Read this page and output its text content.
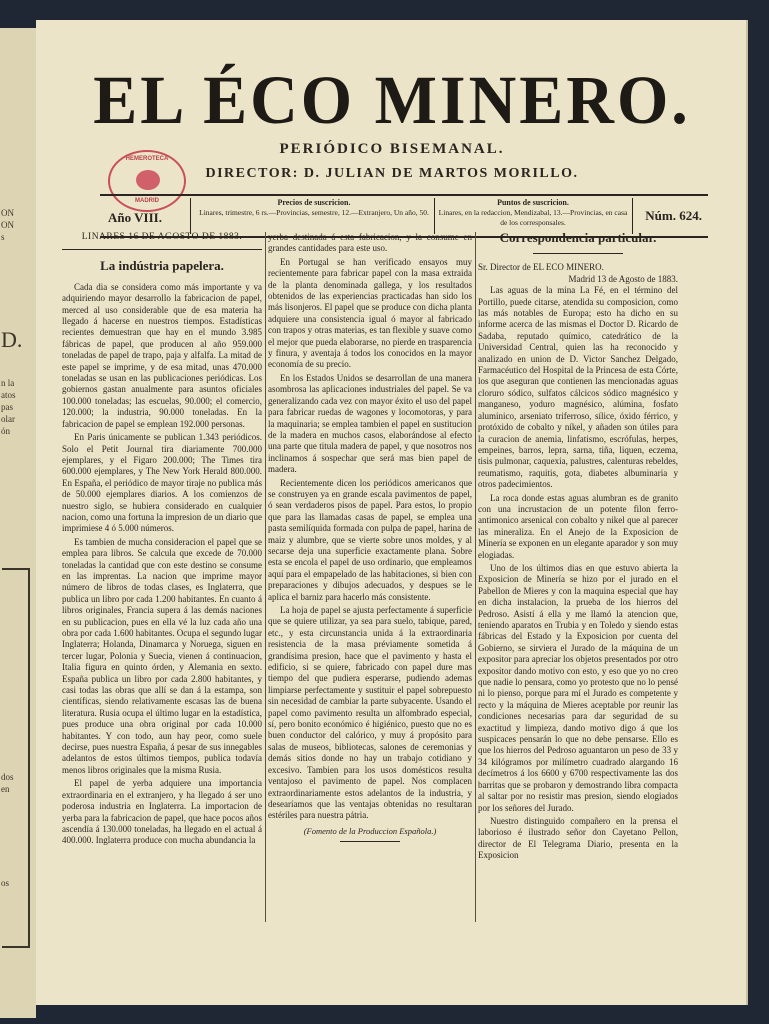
ON
ON
s
D.
n la
atos
pas
olar
ón
dos
en
os
EL ÉCO MINERO.
PERIÓDICO BISEMANAL.
DIRECTOR: D. JULIAN DE MARTOS MORILLO.
HEMEROTECA
MADRID
Año VIII.
Precios de suscricion.
Linares, trimestre, 6 rs.—Provincias, semestre, 12.—Extranjero, Un año, 50.
Puntos de suscricion.
Linares, en la redaccion, Mendizabal, 13.—Provincias, en casa de los corresponsales.	Núm. 624.
LINARES 16 DE AGOSTO DE 1883.
La indústria papelera.
Cada dia se considera como más importante y va adquiriendo mayor desarrollo la fabricacion de papel, merced al uso considerable que de esa materia ha llegado á hacerse en nuestros tiempos. Estadísticas recientes demuestran que hay en el mundo 3.985 fábricas de papel, que producen al año 959.000 toneladas de papel de trapo, paja y alfalfa. La mitad de este papel se imprime, y de esa mitad, unas 470.000 toneladas se usan en las publicaciones periódicas. Los gobiernos gastan anualmente para asuntos oficiales 100.000 toneladas; las escuelas, 90.000; el comercio, 120.000; la industria, 90.000 toneladas. En la fabricacion de papel se emplean 192.000 personas.
En Paris únicamente se publican 1.343 periódicos. Solo el Petit Journal tira diariamente 700.000 ejemplares, y el Figaro 200.000; The Times tira 600.000 ejemplares, y The New York Herald 800.000. En España, el periódico de mayor tiraje no publica más de 50.000 ejemplares diarios. A los comienzos de nuestro siglo, se hubiera considerado en cualquier nacion, como una fortuna la impresion de un diario que imprimiese 4 ó 5.000 números.
Es tambien de mucha consideracion el papel que se emplea para libros. Se calcula que excede de 70.000 toneladas la cantidad que con este destino se consume en las imprentas. La nacion que imprime mayor número de libros de todas clases, es Inglaterra, que publica un libro por cada 1.200 habitantes. En cuanto á libros originales, Francia supera á las demás naciones en su publicacion, pues en ella vé la luz cada año una obra por cada 1.600 habitantes. Ocupa el segundo lugar Inglaterra; Holanda, Dinamarca y Noruega, siguen en tercer lugar, Polonia y Suecia, vienen á continuacion, Italia figura en quinto órden, y Alemania en sexto. España publica un libro por cada 2.800 habitantes, y casi todas las obras que allí se dan á la estampa, son científicas, siendo relativamente escasas las de buena literatura. Rusia ocupa el último lugar en la estadística, pues produce una obra original por cada 10.000 habitantes. Y con todo, aun hay peor, como suele decirse, pues nuestra España, á pesar de sus innegables adelantos de estos últimos tiempos, publica todavía menos libros originales que la misma Rusia.
El papel de yerba adquiere una importancia extraordinaria en el extranjero, y ha llegado á ser uno poderosa industria en Inglaterra. La importacion de yerba para la fabricacion de papel, que hace pocos años ascendía á 130.000 toneladas, ha llegado en el actual á 400.000. Inglaterra produce con mucha abundancia la
yerba destinada á esta fabricacion, y la consume en grandes cantidades para este uso.
En Portugal se han verificado ensayos muy recientemente para fabricar papel con la masa extraida de la planta denominada gallega, y los resultados obtenidos de las experiencias practicadas han sido los más lisonjeros. El papel que se produce con dicha planta adquiere una consistencia igual ó mayor al fabricado con trapos y otras materias, es tan flexible y suave como el mejor que pueda elaborarse, no pierde en trasparencia y finura, y aventaja á todos los conocidos en la mayor economía de su precio.
En los Estados Unidos se desarrollan de una manera asombrosa las aplicaciones industriales del papel. Se va generalizando cada vez con mayor éxito el uso del papel para fabricar ruedas de wagones y locomotoras, y para la maquinaria; se emplea tambien el papel en sustitucion de la madera en muchos casos, elaborándose al efecto una parte que titula madera de papel, y que nosotros nos inclinamos á sospechar que será mas bien papel de madera.
Recientemente dicen los periódicos americanos que se construyen ya en grande escala pavimentos de papel, ó sean verdaderos pisos de papel. Para estos, lo propio que para las llamadas casas de papel, se emplea una pasta semilíquida formada con pulpa de papel, harina de maiz y alumbre, que se vierte sobre unos moldes, y al secarse deja una superficie exactamente plana. Sobre esta se encola el papel de uso ordinario, que empleamos aquí para el empapelado de las habitaciones, si bien con preparaciones y dibujos adecuados, y despues se le aplica el barniz para hacerlo más consistente.
La hoja de papel se ajusta perfectamente á superficie que se quiere utilizar, ya sea para suelo, tabique, pared, etc., y esta circunstancia unida á la extraordinaria resistencia de la masa préviamente sometida á grandísima presion, hace que el pavimento y hasta el edificio, si se quiere, fabricado con papel dure mas tiempo del que pudiera esperarse, pudiendo ademas limpiarse perfectamente y sustituir el papel sobrepuesto sin necesidad de cambiar la parte subyacente. Usando el papel como pavimento resulta un alfombrado especial, sí, pero bonito económico é higiénico, puesto que no es buen conductor del calórico, y muy á propósito para salas de museos, bibliotecas, salones de ceremonias y demás sitios donde no hay un trabajo cotidiano y excesivo. Tambien para los usos domésticos resulta ventajoso el pavimento de papel. Nos complacen extraordinariamente estos adelantos de la industria, y desearíamos que las ventajas obtenidas no resultaran estériles para nuestra pátria.
(Fomento de la Produccion Española.)
Correspondencia particular.
Sr. Director de EL ECO MINERO.
Madrid 13 de Agosto de 1883.
Las aguas de la mina La Fé, en el término del Portillo, puede citarse, atendida su composicion, como las más notables de Europa; esto ha dicho en su informe acerca de las mismas el Doctor D. Ricardo de Sadaba, reputado químico, catedrático de la Universidad Central, quien las ha reconocido y analizado en union de D. Victor Sanchez Delgado, Farmacéutico del Hospital de la Princesa de esta Córte, los que aseguran que contienen las mencionadas aguas cloruro sódico, sulfatos cálcicos sódico magnésico y manganeso, yoduro magnésico, alúmina, fosfato aluminico, arseniato triferroso, sílice, óxido férrico, y protóxido de cobalto y níkel, y añaden son útiles para la curacion de anemia, linfatismo, escrófulas, herpes, empeines, barros, lepra, sarna, tiña, liquen, eczema, tisis pulmonar, caquexia, palustres, calenturas rebeldes, reumatismo, raquitis, gota, diabetes albuminaria y otros padecimientos.
La roca donde estas aguas alumbran es de granito con una incrustacion de un potente filon ferro-antimonico arsenical con cobalto y nikel que al parecer las mineraliza. En el Anejo de la Exposicion de Minería se exponen en un elegante aparador y son muy elogiadas.
Uno de los últimos dias en que estuvo abierta la Exposicion de Minería se hizo por el jurado en el Pabellon de Mieres y con la maquina especial que hay en dicha instalacion, la prueba de los hierros del Pedroso. Asistí á ella y me llamó la atencion que, teniendo aparatos en Trubia y en Toledo y siendo estas fábricas del Estado y la Exposicion por cuenta del Gobierno, se sirviera el Jurado de la máquina de un expositor para apreciar los objetos presentados por otro expositor dando motivo con esto, y eso que yo no creo que nadie lo pensara, como yo protesto que no lo pensé ni lo pienso, porque para mí el Jurado es competente y recto y la máquina de Mieres aceptable por reunir las condiciones necesarias para dar seguridad de su exactitud y limpieza, dando motivo digo á que los suspicaces pensarán lo que no debe pensarse. Ello es que los hierros del Pedroso aguantaron un peso de 33 y 34 kilógramos por milímetro cuadrado alargando 16 decímetros á los 6600 y 6700 respectivamente las dos barritas que se probaron y demostrando libra compacta al saltar por no resistir mas presion, siendo elogiados por los señores del Jurado.
Nuestro distinguido compañero en la prensa el laborioso é ilustrado señor don Cayetano Pellon, director de El Telegrama Diario, presenta en la Exposicion
